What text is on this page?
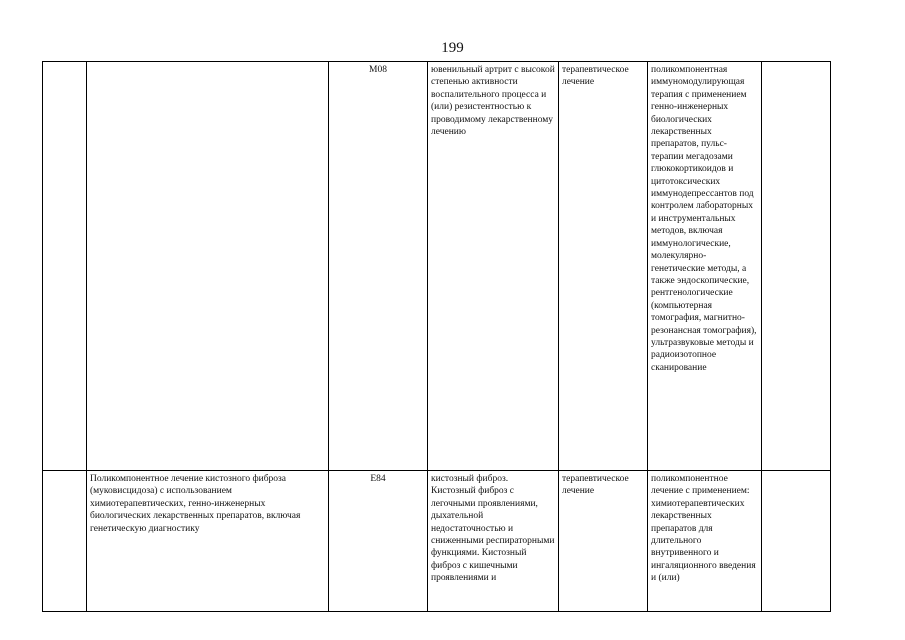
199

		M08	ювенильный артрит с высокой степенью активности воспалительного процесса и (или) резистентностью к проводимому лекарственному лечению	терапевтическое лечение	поликомпонентная иммуномодулирующая терапия с применением генно-инженерных биологических лекарственных препаратов, пульс-терапии мегадозами глюкокортикоидов и цитотоксических иммунодепрессантов под контролем лабораторных и инструментальных методов, включая иммунологические, молекулярно-генетические методы, а также эндоскопические, рентгенологические (компьютерная томография, магнитно-резонансная томография), ультразвуковые методы и радиоизотопное сканирование	

	Поликомпонентное лечение кистозного фиброза (муковисцидоза) с использованием химиотерапевтических, генно-инженерных биологических лекарственных препаратов, включая генетическую диагностику	E84	кистозный фиброз. Кистозный фиброз с легочными проявлениями, дыхательной недостаточностью и сниженными респираторными функциями. Кистозный фиброз с кишечными проявлениями и	терапевтическое лечение	поликомпонентное лечение с применением: химиотерапевтических лекарственных препаратов для длительного внутривенного и ингаляционного введения и (или)	
